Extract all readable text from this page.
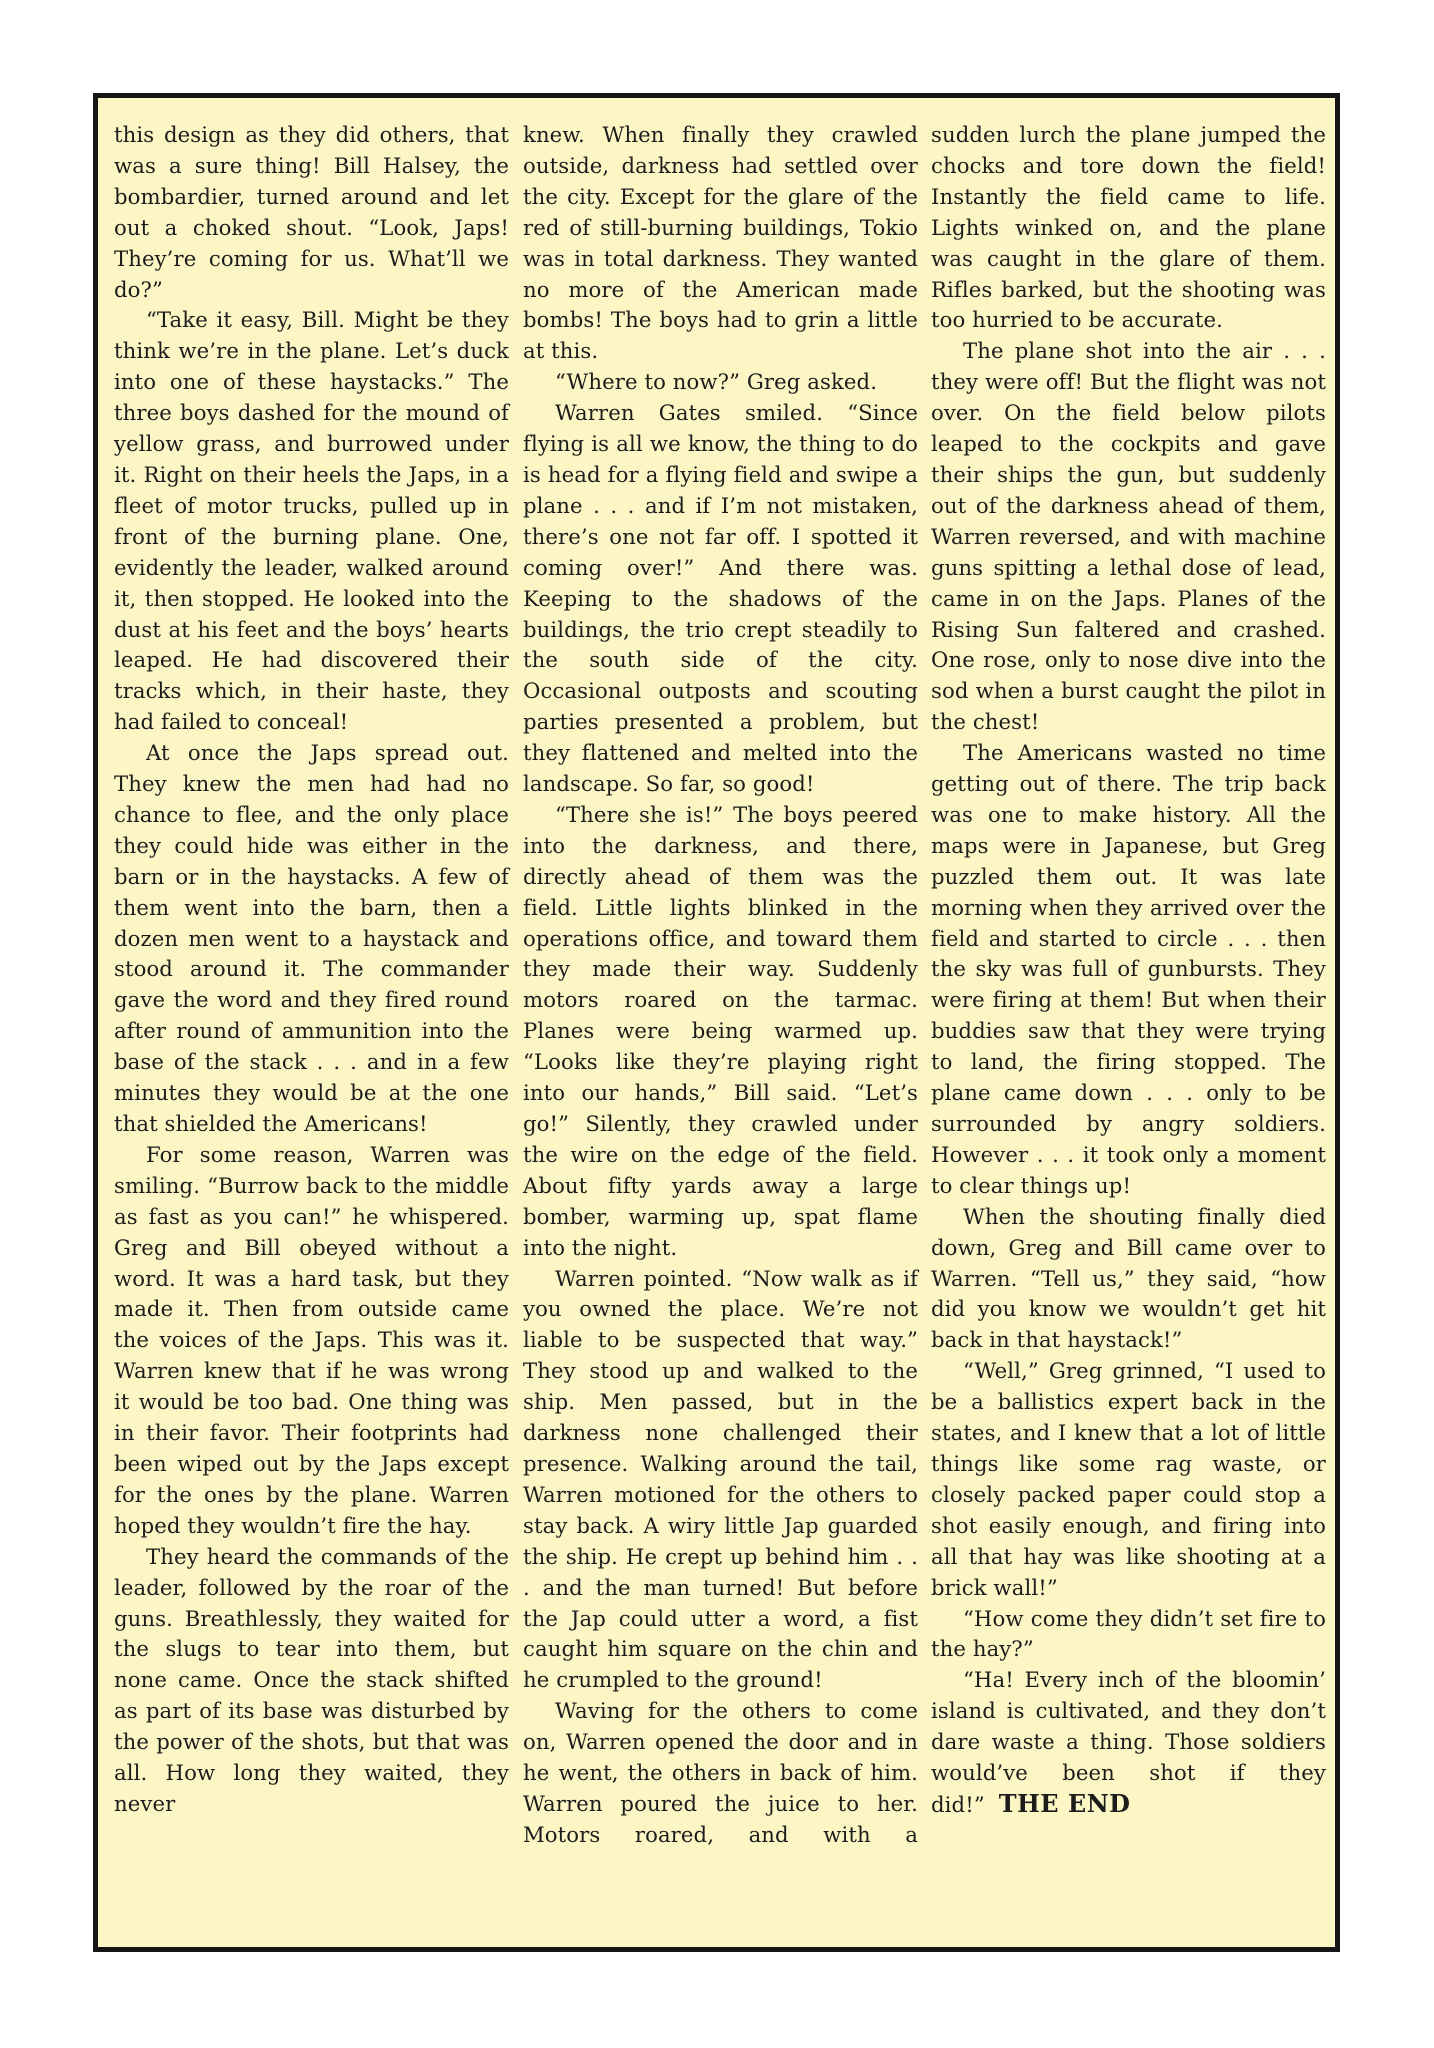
this design as they did others, that was a sure thing! Bill Halsey, the bombardier, turned around and let out a choked shout. “Look, Japs! They’re coming for us. What’ll we do?”

“Take it easy, Bill. Might be they think we’re in the plane. Let’s duck into one of these haystacks.” The three boys dashed for the mound of yellow grass, and burrowed under it. Right on their heels the Japs, in a fleet of motor trucks, pulled up in front of the burning plane. One, evidently the leader, walked around it, then stopped. He looked into the dust at his feet and the boys’ hearts leaped. He had discovered their tracks which, in their haste, they had failed to conceal!

At once the Japs spread out. They knew the men had had no chance to flee, and the only place they could hide was either in the barn or in the haystacks. A few of them went into the barn, then a dozen men went to a haystack and stood around it. The commander gave the word and they fired round after round of ammunition into the base of the stack . . . and in a few minutes they would be at the one that shielded the Americans!

For some reason, Warren was smiling. “Burrow back to the middle as fast as you can!” he whispered. Greg and Bill obeyed without a word. It was a hard task, but they made it. Then from outside came the voices of the Japs. This was it. Warren knew that if he was wrong it would be too bad. One thing was in their favor. Their footprints had been wiped out by the Japs except for the ones by the plane. Warren hoped they wouldn’t fire the hay.

They heard the commands of the leader, followed by the roar of the guns. Breathlessly, they waited for the slugs to tear into them, but none came. Once the stack shifted as part of its base was disturbed by the power of the shots, but that was all. How long they waited, they never

knew. When finally they crawled outside, darkness had settled over the city. Except for the glare of the red of still-burning buildings, Tokio was in total darkness. They wanted no more of the American made bombs! The boys had to grin a little at this.

“Where to now?” Greg asked.

Warren Gates smiled. “Since flying is all we know, the thing to do is head for a flying field and swipe a plane . . . and if I’m not mistaken, there’s one not far off. I spotted it coming over!” And there was. Keeping to the shadows of the buildings, the trio crept steadily to the south side of the city. Occasional outposts and scouting parties presented a problem, but they flattened and melted into the landscape. So far, so good!

“There she is!” The boys peered into the darkness, and there, directly ahead of them was the field. Little lights blinked in the operations office, and toward them they made their way. Suddenly motors roared on the tarmac. Planes were being warmed up. “Looks like they’re playing right into our hands,” Bill said. “Let’s go!” Silently, they crawled under the wire on the edge of the field. About fifty yards away a large bomber, warming up, spat flame into the night.

Warren pointed. “Now walk as if you owned the place. We’re not liable to be suspected that way.” They stood up and walked to the ship. Men passed, but in the darkness none challenged their presence. Walking around the tail, Warren motioned for the others to stay back. A wiry little Jap guarded the ship. He crept up behind him . . . and the man turned! But before the Jap could utter a word, a fist caught him square on the chin and he crumpled to the ground!

Waving for the others to come on, Warren opened the door and in he went, the others in back of him. Warren poured the juice to her. Motors roared, and with a

sudden lurch the plane jumped the chocks and tore down the field! Instantly the field came to life. Lights winked on, and the plane was caught in the glare of them. Rifles barked, but the shooting was too hurried to be accurate.

The plane shot into the air . . . they were off! But the flight was not over. On the field below pilots leaped to the cockpits and gave their ships the gun, but suddenly out of the darkness ahead of them, Warren reversed, and with machine guns spitting a lethal dose of lead, came in on the Japs. Planes of the Rising Sun faltered and crashed. One rose, only to nose dive into the sod when a burst caught the pilot in the chest!

The Americans wasted no time getting out of there. The trip back was one to make history. All the maps were in Japanese, but Greg puzzled them out. It was late morning when they arrived over the field and started to circle . . . then the sky was full of gunbursts. They were firing at them! But when their buddies saw that they were trying to land, the firing stopped. The plane came down . . . only to be surrounded by angry soldiers. However . . . it took only a moment to clear things up!

When the shouting finally died down, Greg and Bill came over to Warren. “Tell us,” they said, “how did you know we wouldn’t get hit back in that haystack!”

“Well,” Greg grinned, “I used to be a ballistics expert back in the states, and I knew that a lot of little things like some rag waste, or closely packed paper could stop a shot easily enough, and firing into all that hay was like shooting at a brick wall!”

“How come they didn’t set fire to the hay?”

“Ha! Every inch of the bloomin’ island is cultivated, and they don’t dare waste a thing. Those soldiers would’ve been shot if they did!” THE END
